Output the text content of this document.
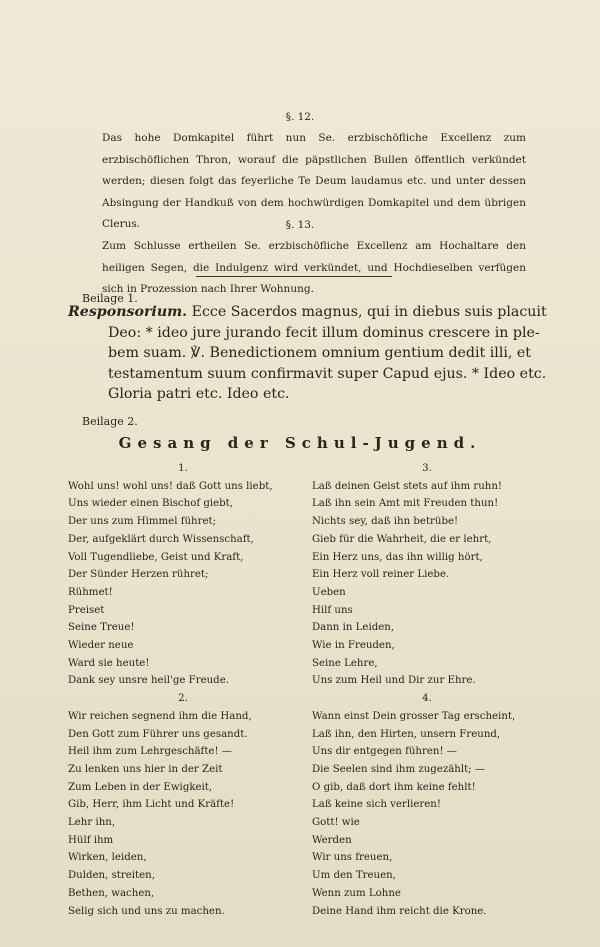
§. 12.
Das hohe Domkapitel führt nun Se. erzbischöfliche Excellenz zum erzbischöflichen Thron, worauf die päpstlichen Bullen öffentlich verkündet werden; diesen folgt das feyerliche Te Deum laudamus etc. und unter dessen Absingung der Handkuß von dem hochwürdigen Domkapitel und dem übrigen Clerus.	§. 13.
Zum Schlusse ertheilen Se. erzbischöfliche Excellenz am Hochaltare den heiligen Segen, die Indulgenz wird verkündet, und Hochdieselben verfügen sich in Prozession nach Ihrer Wohnung.
Beilage 1.
Responsorium. Ecce Sacerdos magnus, qui in diebus suis placuit
Deo: * ideo jure jurando fecit illum dominus crescere in ple-
bem suam. ℣. Benedictionem omnium gentium dedit illi, et
testamentum suum confirmavit super Capud ejus. * Ideo etc.
Gloria patri etc. Ideo etc.
Beilage 2.
Gesang der Schul-Jugend.
1.
Wohl uns! wohl uns! daß Gott uns liebt,
Uns wieder einen Bischof giebt,
Der uns zum Himmel führet;
Der, aufgeklärt durch Wissenschaft,
Voll Tugendliebe, Geist und Kraft,
Der Sünder Herzen rühret;
Rühmet!
Preiset
Seine Treue!
Wieder neue
Ward sie heute!
Dank sey unsre heil'ge Freude.
2.
Wir reichen segnend ihm die Hand,
Den Gott zum Führer uns gesandt.
Heil ihm zum Lehrgeschäfte! —
Zu lenken uns hier in der Zeit
Zum Leben in der Ewigkeit,
Gib, Herr, ihm Licht und Kräfte!
Lehr ihn,
Hülf ihm
Wirken, leiden,
Dulden, streiten,
Bethen, wachen,
Selig sich und uns zu machen.
3.
Laß deinen Geist stets auf ihm ruhn!
Laß ihn sein Amt mit Freuden thun!
Nichts sey, daß ihn betrübe!
Gieb für die Wahrheit, die er lehrt,
Ein Herz uns, das ihn willig hört,
Ein Herz voll reiner Liebe.
Ueben
Hilf uns
Dann in Leiden,
Wie in Freuden,
Seine Lehre,
Uns zum Heil und Dir zur Ehre.
4.
Wann einst Dein grosser Tag erscheint,
Laß ihn, den Hirten, unsern Freund,
Uns dir entgegen führen! —
Die Seelen sind ihm zugezählt; —
O gib, daß dort ihm keine fehlt!
Laß keine sich verlieren!
Gott! wie
Werden
Wir uns freuen,
Um den Treuen,
Wenn zum Lohne
Deine Hand ihm reicht die Krone.
